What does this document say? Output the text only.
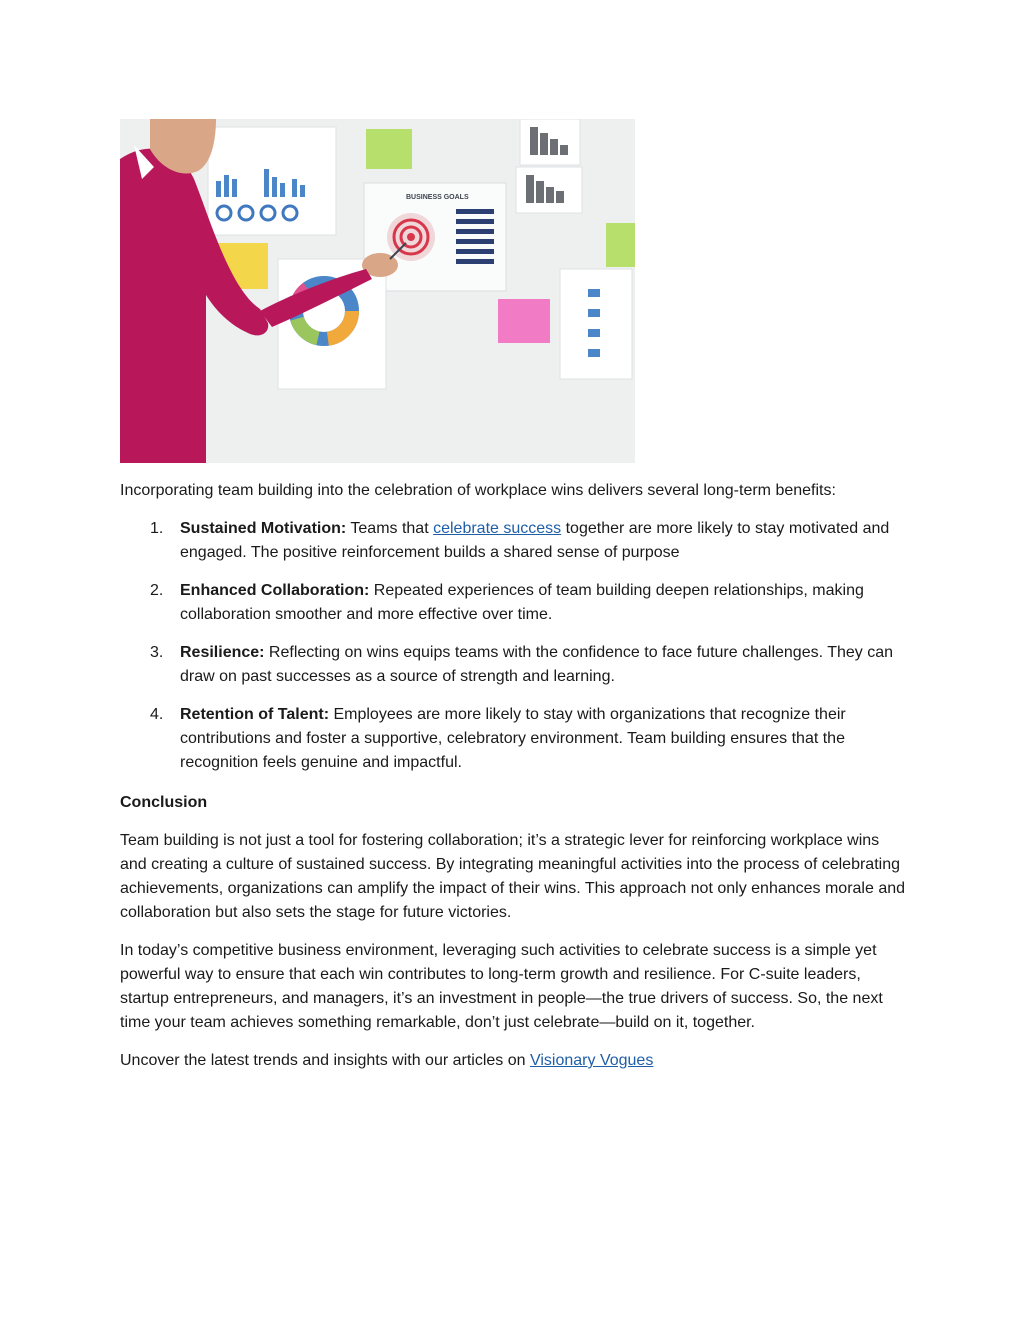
BUSINESS GOALS

Incorporating team building into the celebration of workplace wins delivers several long-term benefits:

1. Sustained Motivation: Teams that celebrate success together are more likely to stay motivated and engaged. The positive reinforcement builds a shared sense of purpose
2. Enhanced Collaboration: Repeated experiences of team building deepen relationships, making collaboration smoother and more effective over time.
3. Resilience: Reflecting on wins equips teams with the confidence to face future challenges. They can draw on past successes as a source of strength and learning.
4. Retention of Talent: Employees are more likely to stay with organizations that recognize their contributions and foster a supportive, celebratory environment. Team building ensures that the recognition feels genuine and impactful.
Conclusion

Team building is not just a tool for fostering collaboration; it’s a strategic lever for reinforcing workplace wins and creating a culture of sustained success. By integrating meaningful activities into the process of celebrating achievements, organizations can amplify the impact of their wins. This approach not only enhances morale and collaboration but also sets the stage for future victories.

In today’s competitive business environment, leveraging such activities to celebrate success is a simple yet powerful way to ensure that each win contributes to long-term growth and resilience. For C-suite leaders, startup entrepreneurs, and managers, it’s an investment in people—the true drivers of success. So, the next time your team achieves something remarkable, don’t just celebrate—build on it, together.

Uncover the latest trends and insights with our articles on Visionary Vogues
